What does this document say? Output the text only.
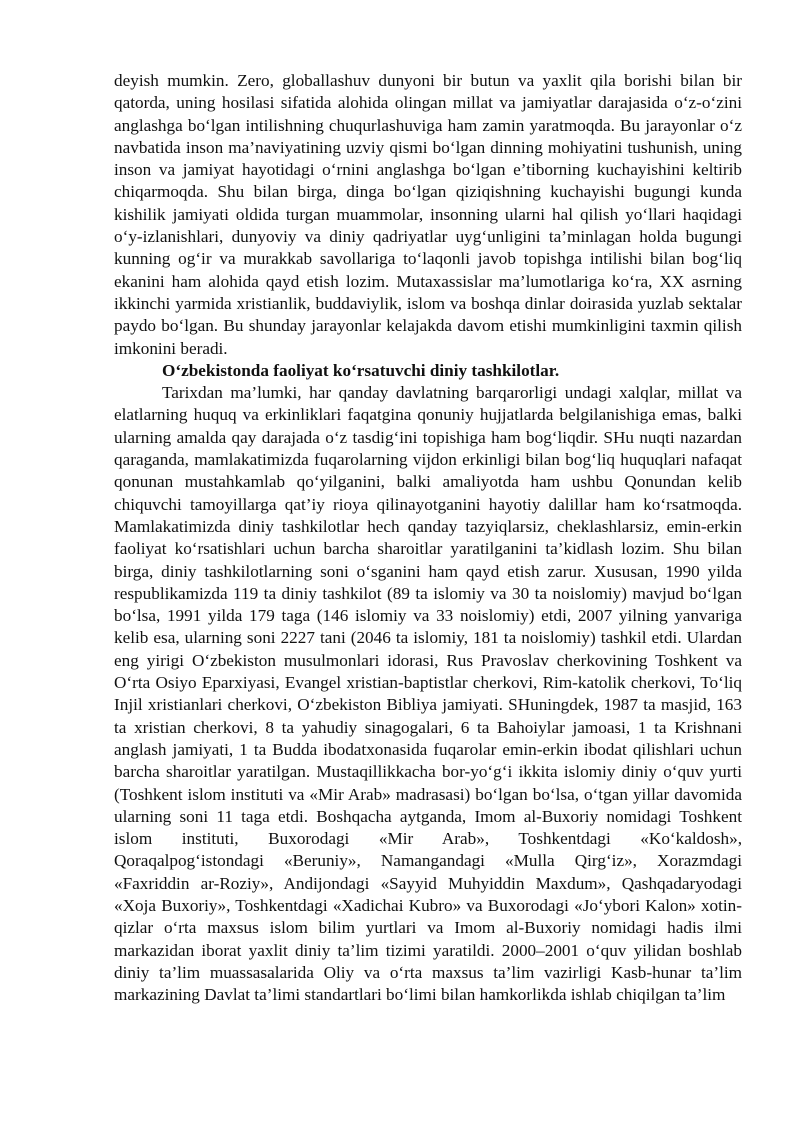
deyish mumkin. Zero, globallashuv dunyoni bir butun va yaxlit qila borishi bilan bir qatorda, uning hosilasi sifatida alohida olingan millat va jamiyatlar darajasida o‘z-o‘zini anglashga bo‘lgan intilishning chuqurlashuviga ham zamin yaratmoqda. Bu jarayonlar o‘z navbatida inson ma’naviyatining uzviy qismi bo‘lgan dinning mohiyatini tushunish, uning inson va jamiyat hayotidagi o‘rnini anglashga bo‘lgan e’tiborning kuchayishini keltirib chiqarmoqda. Shu bilan birga, dinga bo‘lgan qiziqishning kuchayishi bugungi kunda kishilik jamiyati oldida turgan muammolar, insonning ularni hal qilish yo‘llari haqidagi o‘y-izlanishlari, dunyoviy va diniy qadriyatlar uyg‘unligini ta’minlagan holda bugungi kunning og‘ir va murakkab savollariga to‘laqonli javob topishga intilishi bilan bog‘liq ekanini ham alohida qayd etish lozim. Mutaxassislar ma’lumotlariga ko‘ra, XX asrning ikkinchi yarmida xristianlik, buddaviylik, islom va boshqa dinlar doirasida yuzlab sektalar paydo bo‘lgan. Bu shunday jarayonlar kelajakda davom etishi mumkinligini taxmin qilish imkonini beradi.

O‘zbekistonda faoliyat ko‘rsatuvchi diniy tashkilotlar.

Tarixdan ma’lumki, har qanday davlatning barqarorligi undagi xalqlar, millat va elatlarning huquq va erkinliklari faqatgina qonuniy hujjatlarda belgilanishiga emas, balki ularning amalda qay darajada o‘z tasdig‘ini topishiga ham bog‘liqdir. SHu nuqti nazardan qaraganda, mamlakatimizda fuqarolarning vijdon erkinligi bilan bog‘liq huquqlari nafaqat qonunan mustahkamlab qo‘yilganini, balki amaliyotda ham ushbu Qonundan kelib chiquvchi tamoyillarga qat’iy rioya qilinayotganini hayotiy dalillar ham ko‘rsatmoqda. Mamlakatimizda diniy tashkilotlar hech qanday tazyiqlarsiz, cheklashlarsiz, emin-erkin faoliyat ko‘rsatishlari uchun barcha sharoitlar yaratilganini ta’kidlash lozim. Shu bilan birga, diniy tashkilotlarning soni o‘sganini ham qayd etish zarur. Xususan, 1990 yilda respublikamizda 119 ta diniy tashkilot (89 ta islomiy va 30 ta noislomiy) mavjud bo‘lgan bo‘lsa, 1991 yilda 179 taga (146 islomiy va 33 noislomiy) etdi, 2007 yilning yanvariga kelib esa, ularning soni 2227 tani (2046 ta islomiy, 181 ta noislomiy) tashkil etdi. Ulardan eng yirigi O‘zbekiston musulmonlari idorasi, Rus Pravoslav cherkovining Toshkent va O‘rta Osiyo Eparxiyasi, Evangel xristian-baptistlar cherkovi, Rim-katolik cherkovi, To‘liq Injil xristianlari cherkovi, O‘zbekiston Bibliya jamiyati. SHuningdek, 1987 ta masjid, 163 ta xristian cherkovi, 8 ta yahudiy sinagogalari, 6 ta Bahoiylar jamoasi, 1 ta Krishnani anglash jamiyati, 1 ta Budda ibodatxonasida fuqarolar emin-erkin ibodat qilishlari uchun barcha sharoitlar yaratilgan. Mustaqillikkacha bor-yo‘g‘i ikkita islomiy diniy o‘quv yurti (Toshkent islom instituti va «Mir Arab» madrasasi) bo‘lgan bo‘lsa, o‘tgan yillar davomida ularning soni 11 taga etdi. Boshqacha aytganda, Imom al-Buxoriy nomidagi Toshkent islom instituti, Buxorodagi «Mir Arab», Toshkentdagi «Ko‘kaldosh», Qoraqalpog‘istondagi «Beruniy», Namangandagi «Mulla Qirg‘iz», Xorazmdagi «Faxriddin ar-Roziy», Andijondagi «Sayyid Muhyiddin Maxdum», Qashqadaryodagi «Xoja Buxoriy», Toshkentdagi «Xadichai Kubro» va Buxorodagi «Jo‘ybori Kalon» xotin-qizlar o‘rta maxsus islom bilim yurtlari va Imom al-Buxoriy nomidagi hadis ilmi markazidan iborat yaxlit diniy ta’lim tizimi yaratildi. 2000–2001 o‘quv yilidan boshlab diniy ta’lim muassasalarida Oliy va o‘rta maxsus ta’lim vazirligi Kasb-hunar ta’lim markazining Davlat ta’limi standartlari bo‘limi bilan hamkorlikda ishlab chiqilgan ta’lim
